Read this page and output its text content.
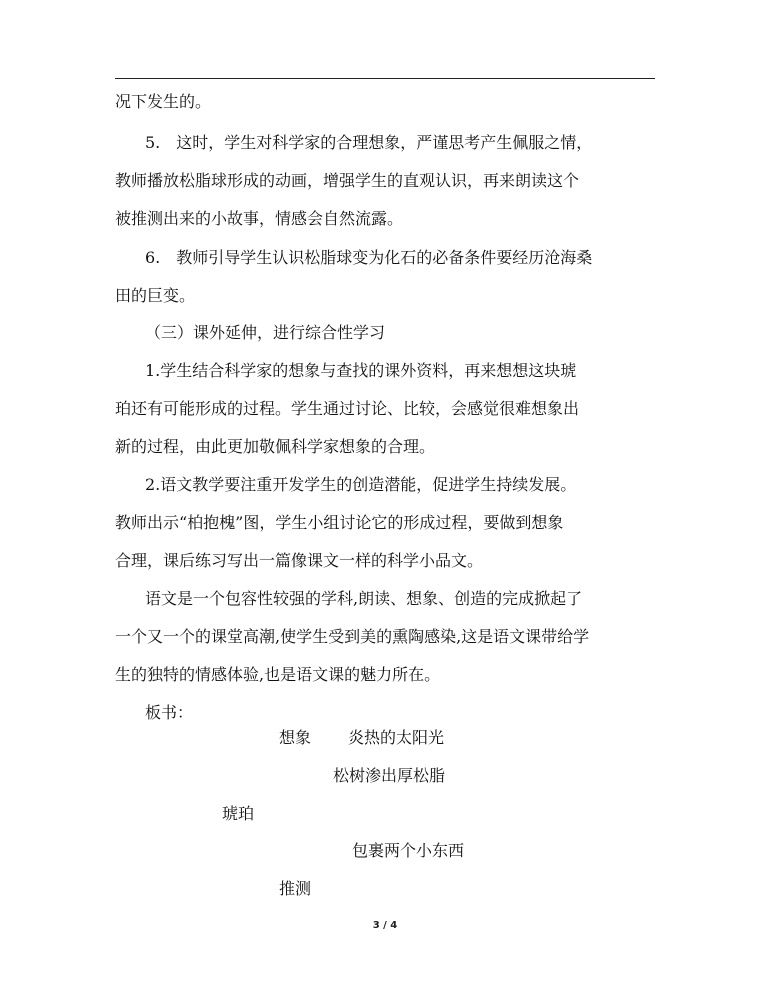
况下发生的。
5.　这时，学生对科学家的合理想象，严谨思考产生佩服之情，
教师播放松脂球形成的动画，增强学生的直观认识，再来朗读这个
被推测出来的小故事，情感会自然流露。
6.　教师引导学生认识松脂球变为化石的必备条件要经历沧海桑
田的巨变。
（三）课外延伸，进行综合性学习
1.学生结合科学家的想象与查找的课外资料，再来想想这块琥
珀还有可能形成的过程。学生通过讨论、比较，会感觉很难想象出
新的过程，由此更加敬佩科学家想象的合理。
2.语文教学要注重开发学生的创造潜能，促进学生持续发展。
教师出示“柏抱槐”图，学生小组讨论它的形成过程，要做到想象
合理，课后练习写出一篇像课文一样的科学小品文。
语文是一个包容性较强的学科,朗读、想象、创造的完成掀起了
一个又一个的课堂高潮,使学生受到美的熏陶感染,这是语文课带给学
生的独特的情感体验,也是语文课的魅力所在。
板书：
想象 炎热的太阳光
松树渗出厚松脂
琥珀
包裹两个小东西
推测
3 / 4
